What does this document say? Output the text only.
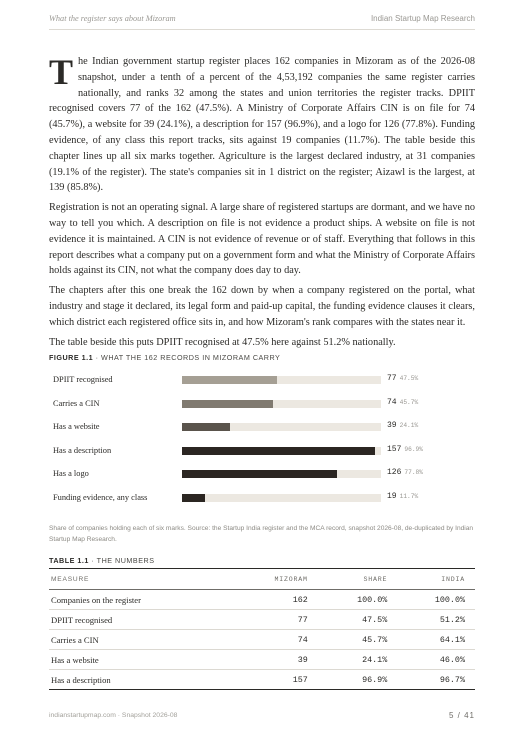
What the register says about Mizoram	Indian Startup Map Research

The Indian government startup register places 162 companies in Mizoram as of the 2026-08 snapshot, under a tenth of a percent of the 4,53,192 companies the same register carries nationally, and ranks 32 among the states and union territories the register tracks. DPIIT recognised covers 77 of the 162 (47.5%). A Ministry of Corporate Affairs CIN is on file for 74 (45.7%), a website for 39 (24.1%), a description for 157 (96.9%), and a logo for 126 (77.8%). Funding evidence, of any class this report tracks, sits against 19 companies (11.7%). The table beside this chapter lines up all six marks together. Agriculture is the largest declared industry, at 31 companies (19.1% of the register). The state's companies sit in 1 district on the register; Aizawl is the largest, at 139 (85.8%).

Registration is not an operating signal. A large share of registered startups are dormant, and we have no way to tell you which. A description on file is not evidence a product ships. A website on file is not evidence it is maintained. A CIN is not evidence of revenue or of staff. Everything that follows in this report describes what a company put on a government form and what the Ministry of Corporate Affairs holds against its CIN, not what the company does day to day.

The chapters after this one break the 162 down by when a company registered on the portal, what industry and stage it declared, its legal form and paid-up capital, the funding evidence clauses it clears, which district each registered office sits in, and how Mizoram's rank compares with the states near it.

The table beside this puts DPIIT recognised at 47.5% here against 51.2% nationally.

FIGURE 1.1 · WHAT THE 162 RECORDS IN MIZORAM CARRY
DPIIT recognised	77 47.5%
Carries a CIN	74 45.7%
Has a website	39 24.1%
Has a description	157 96.9%
Has a logo	126 77.8%
Funding evidence, any class	19 11.7%
Share of companies holding each of six marks. Source: the Startup India register and the MCA record, snapshot 2026-08, de-duplicated by Indian Startup Map Research.
TABLE 1.1 · THE NUMBERS
MEASURE	MIZORAM	SHARE	INDIA
Companies on the register	162	100.0%	100.0%
DPIIT recognised	77	47.5%	51.2%
Carries a CIN	74	45.7%	64.1%
Has a website	39	24.1%	46.0%
Has a description	157	96.9%	96.7%
indianstartupmap.com · Snapshot 2026-08	5 / 41
